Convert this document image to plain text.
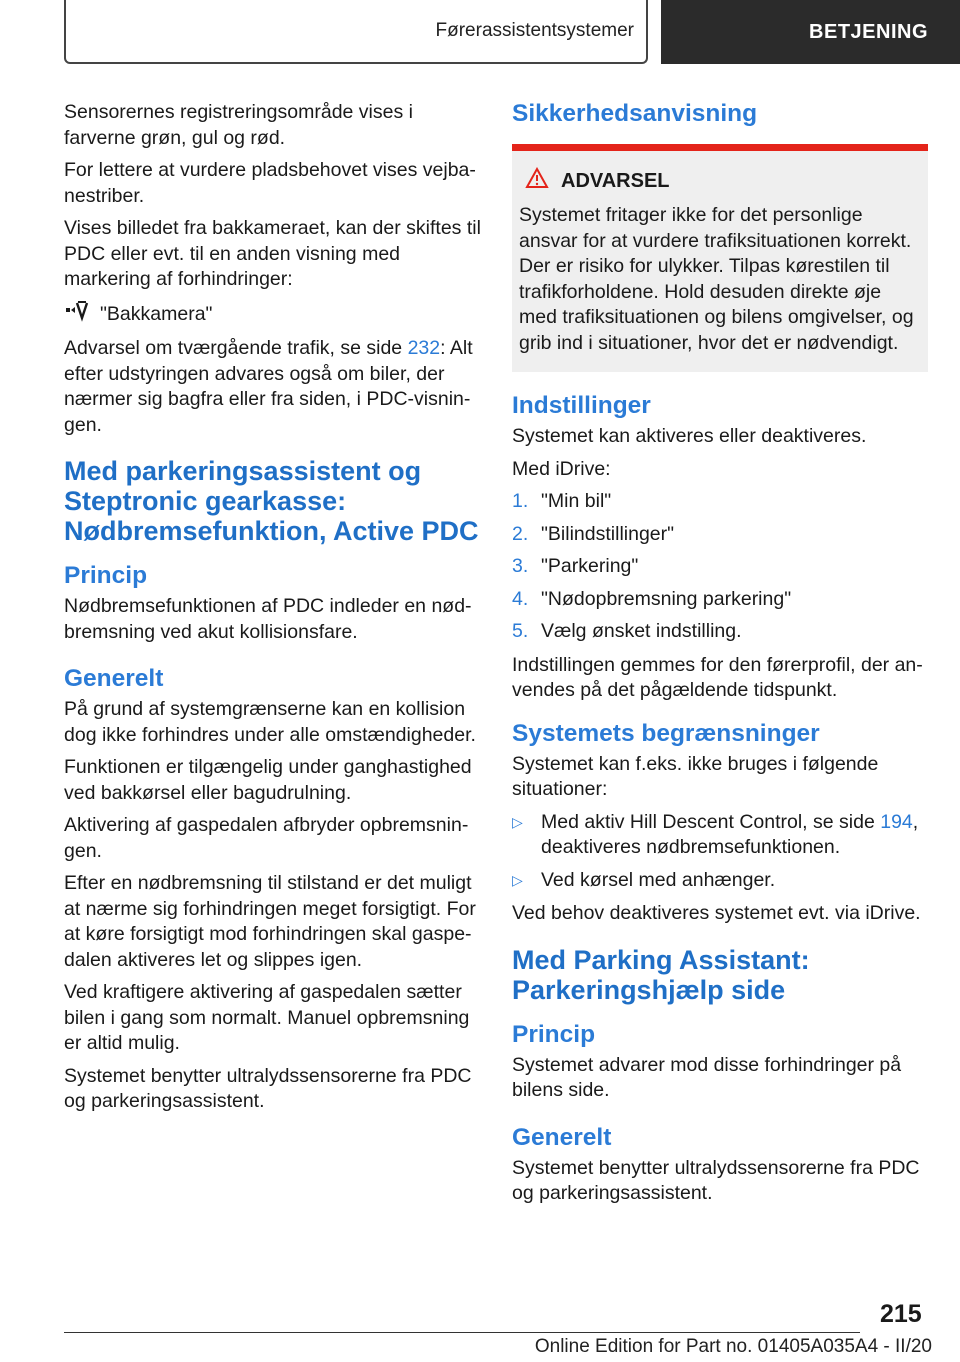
Førerassistentsystemer	BETJENING

Sensorernes registreringsområde vises i farverne grøn, gul og rød.

For lettere at vurdere pladsbehovet vises vejbanestriber.

Vises billedet fra bakkameraet, kan der skiftes til PDC eller evt. til en anden visning med markering af forhindringer:

"Bakkamera"

Advarsel om tværgående trafik, se side 232: Alt efter udstyringen advares også om biler, der nærmer sig bagfra eller fra siden, i PDC-visningen.

Med parkeringsassistent og Steptronic gearkasse: Nødbremsefunktion, Active PDC
Princip

Nødbremsefunktionen af PDC indleder en nødbremsning ved akut kollisionsfare.

Generelt

På grund af systemgrænserne kan en kollision dog ikke forhindres under alle omstændigheder.

Funktionen er tilgængelig under ganghastighed ved bakkørsel eller bagudrulning.

Aktivering af gaspedalen afbryder opbremsningen.

Efter en nødbremsning til stilstand er det muligt at nærme sig forhindringen meget forsigtigt. For at køre forsigtigt mod forhindringen skal gaspedalen aktiveres let og slippes igen.

Ved kraftigere aktivering af gaspedalen sætter bilen i gang som normalt. Manuel opbremsning er altid mulig.

Systemet benytter ultralydssensorerne fra PDC og parkeringsassistent.

Sikkerhedsanvisning
ADVARSEL

Systemet fritager ikke for det personlige ansvar for at vurdere trafiksituationen korrekt. Der er risiko for ulykker. Tilpas kørestilen til trafikforholdene. Hold desuden direkte øje med trafiksituationen og bilens omgivelser, og grib ind i situationer, hvor det er nødvendigt.

Indstillinger

Systemet kan aktiveres eller deaktiveres.

Med iDrive:

1. "Min bil"
2. "Bilindstillinger"
3. "Parkering"
4. "Nødopbremsning parkering"
5. Vælg ønsket indstilling.

Indstillingen gemmes for den førerprofil, der anvendes på det pågældende tidspunkt.

Systemets begrænsninger

Systemet kan f.eks. ikke bruges i følgende situationer:

▷ Med aktiv Hill Descent Control, se side 194, deaktiveres nødbremsefunktionen.
▷ Ved kørsel med anhænger.

Ved behov deaktiveres systemet evt. via iDrive.

Med Parking Assistant: Parkeringshjælp side
Princip

Systemet advarer mod disse forhindringer på bilens side.

Generelt

Systemet benytter ultralydssensorerne fra PDC og parkeringsassistent.

215
Online Edition for Part no. 01405A035A4 - II/20
